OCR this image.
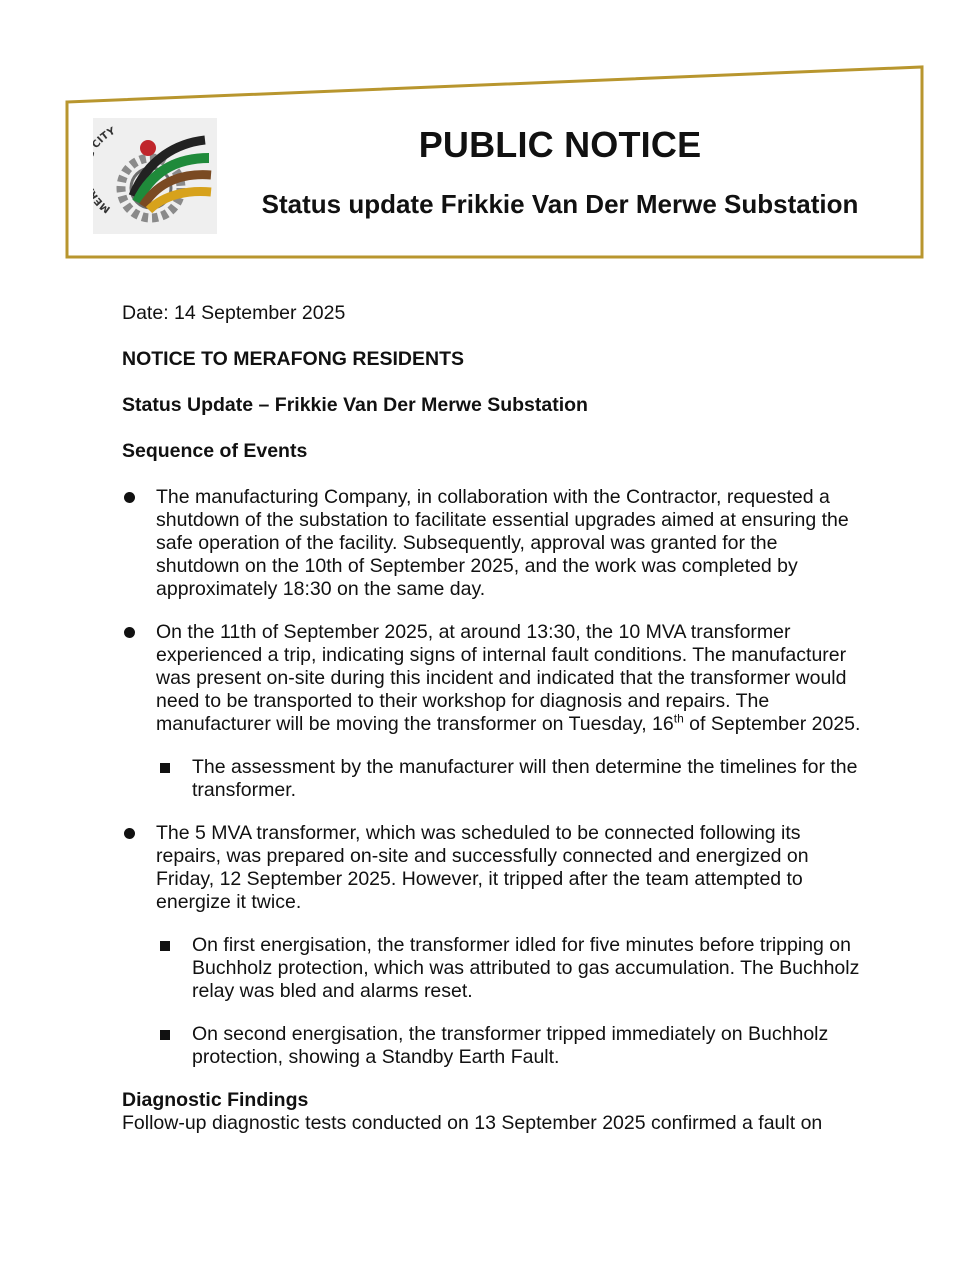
ME ITY	PUBLIC NOTICE
Status update Frikkie Van Der Merwe Substation

Date: 14 September 2025

NOTICE TO MERAFONG RESIDENTS

Status Update – Frikkie Van Der Merwe Substation

Sequence of Events

The manufacturing Company, in collaboration with the Contractor, requested a shutdown of the substation to facilitate essential upgrades aimed at ensuring the safe operation of the facility. Subsequently, approval was granted for the shutdown on the 10th of September 2025, and the work was completed by approximately 18:30 on the same day.
On the 11th of September 2025, at around 13:30, the 10 MVA transformer experienced a trip, indicating signs of internal fault conditions. The manufacturer was present on-site during this incident and indicated that the transformer would need to be transported to their workshop for diagnosis and repairs. The manufacturer will be moving the transformer on Tuesday, 16th of September 2025.
The assessment by the manufacturer will then determine the timelines for the transformer.
The 5 MVA transformer, which was scheduled to be connected following its repairs, was prepared on-site and successfully connected and energized on Friday, 12 September 2025. However, it tripped after the team attempted to energize it twice.
On first energisation, the transformer idled for five minutes before tripping on Buchholz protection, which was attributed to gas accumulation. The Buchholz relay was bled and alarms reset.
On second energisation, the transformer tripped immediately on Buchholz protection, showing a Standby Earth Fault.

Diagnostic Findings

Follow-up diagnostic tests conducted on 13 September 2025 confirmed a fault on
